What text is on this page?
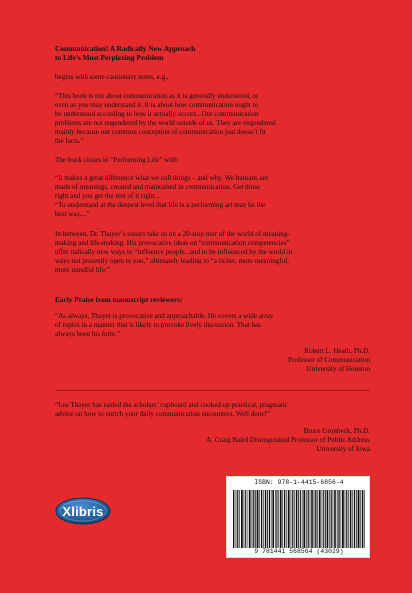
Communication! A Radically New Approach
to Life’s Most Perplexing Problem
begins with some cautionary notes, e.g.,
“This book is not about communication as it is generally understood, or
even as you may understand it. It is about how communication ought to
be understood according to how it actually occurs...Our communication
problems are not engendered by the world outside of us. They are engendered
mainly because our common conception of communication just doesn’t fit
the facts.”
The book closes in “Performing Life” with:
“It makes a great difference what we call things – and why. We humans are
made of meanings, created and maintained in communication. Get those
right and you get the rest of it right...
“To understand at the deepest level that life is a performing art may be the
best way....”
In between, Dr. Thayer’s essays take us on a 20-stop tour of the world of meaning-
making and life-making. His provocative ideas on “communication competencies”
offer radically new ways to “influence people...and to be influenced by the world in
ways not presently open to you,” ultimately leading to “a richer, more meaningful,
more mindful life.”
Early Praise from manuscript reviewers:
“As always, Thayer is provocative and approachable. He covers a wide array
of topics in a manner that is likely to provoke lively discussion. That has
always been his forte.”
Robert L. Heath, Ph.D.
Professor of Communication
University of Houston
“Lee Thayer has raided the scholars’ cupboard and cooked up practical, pragmatic
advice on how to enrich your daily communication encounters. Well done!”
Bruce Gronbeck, Ph.D.
A. Craig Baird Distinguished Professor of Public Address
University of Iowa
Xlibris
ISBN: 978-1-4415-6856-4
9 781441 568564 (43029)
